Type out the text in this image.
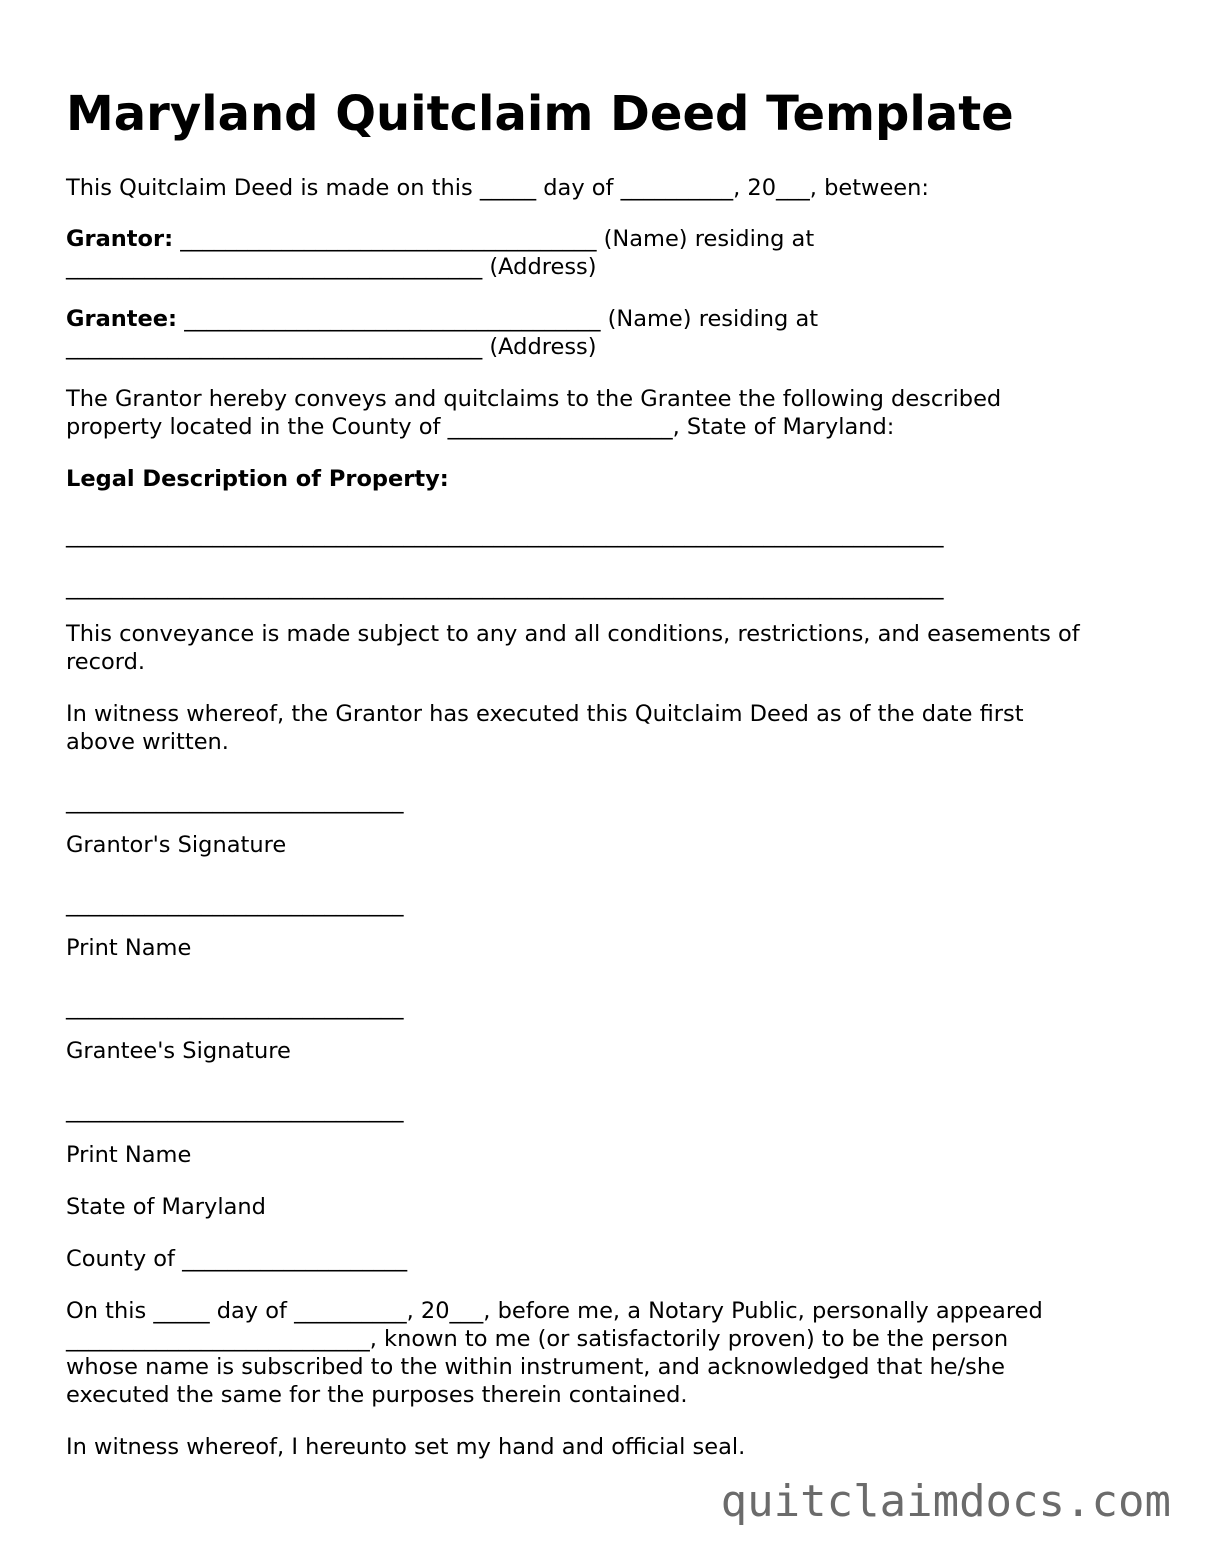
Maryland Quitclaim Deed Template

This Quitclaim Deed is made on this _____ day of __________, 20___, between:

Grantor: _____________________________________ (Name) residing at

_____________________________________ (Address)

Grantee: _____________________________________ (Name) residing at

_____________________________________ (Address)

The Grantor hereby conveys and quitclaims to the Grantee the following described

property located in the County of ____________________, State of Maryland:

Legal Description of Property:

______________________________________________________________________________

______________________________________________________________________________

This conveyance is made subject to any and all conditions, restrictions, and easements of

record.

In witness whereof, the Grantor has executed this Quitclaim Deed as of the date first

above written.

______________________________

Grantor's Signature

______________________________

Print Name

______________________________

Grantee's Signature

______________________________

Print Name

State of Maryland

County of ____________________

On this _____ day of __________, 20___, before me, a Notary Public, personally appeared

___________________________, known to me (or satisfactorily proven) to be the person

whose name is subscribed to the within instrument, and acknowledged that he/she

executed the same for the purposes therein contained.

In witness whereof, I hereunto set my hand and official seal.

quitclaimdocs.com
